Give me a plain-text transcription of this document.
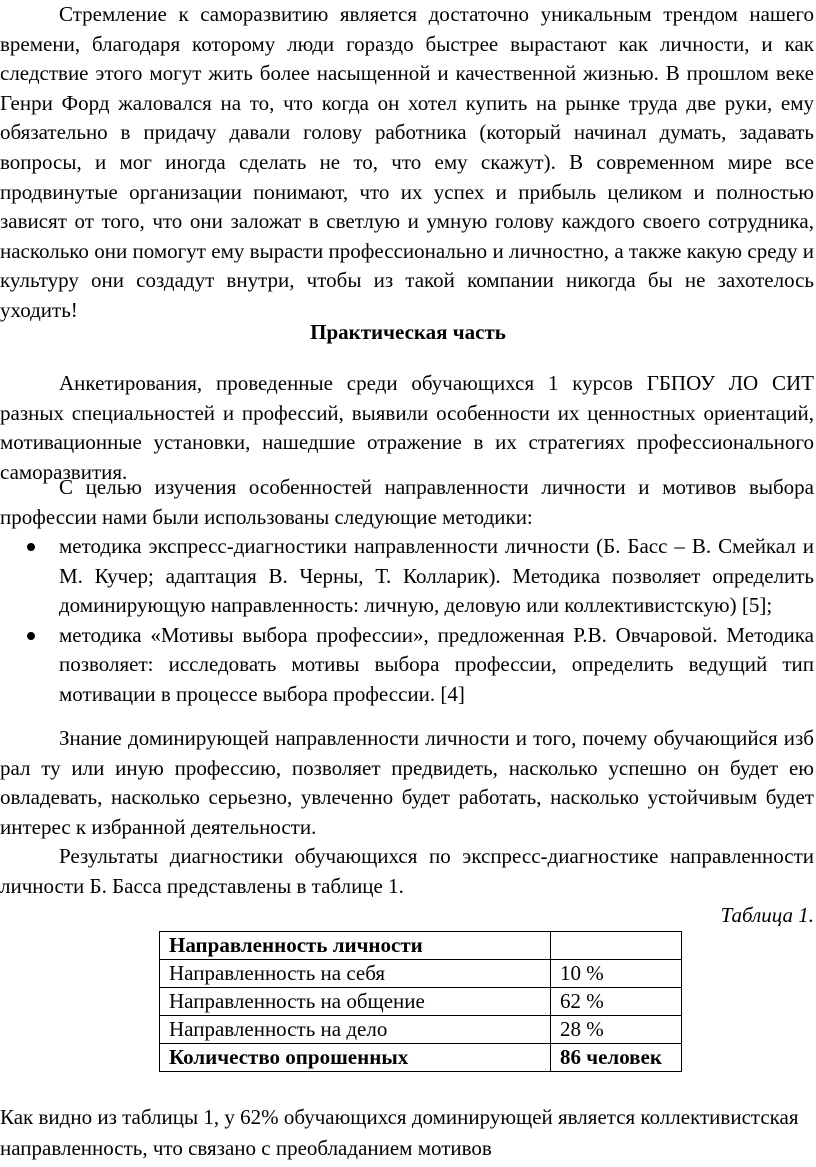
Стремление к саморазвитию является достаточно уникальным трендом нашего времени, благодаря которому люди гораздо быстрее вырастают как личности, и как следствие этого могут жить более насыщенной и качественной жизнью. В прошлом веке Генри Форд жаловался на то, что когда он хотел купить на рынке труда две руки, ему обязательно в придачу давали голову работника (который начинал думать, задавать вопросы, и мог иногда сделать не то, что ему скажут). В современном мире все продвинутые организации понимают, что их успех и прибыль целиком и полностью зависят от того, что они заложат в светлую и умную голову каждого своего сотрудника, насколько они помогут ему вырасти профессионально и личностно, а также какую среду и культуру они создадут внутри, чтобы из такой компании никогда бы не захотелось уходить!

Практическая часть

Анкетирования, проведенные среди обучающихся 1 курсов ГБПОУ ЛО СИТ разных специальностей и профессий, выявили особенности их ценностных ориентаций, мотивационные установки, нашедшие отражение в их стратегиях профессионального саморазвития.

С целью изучения особенностей направленности личности и мотивов выбора профессии нами были использованы следующие методики:

методика экспресс-диагностики направленности личности (Б. Басс – В. Смейкал и М. Кучер; адаптация В. Черны, Т. Колларик). Методика позволяет определить доминирующую направленность: личную, деловую или коллективистскую) [5];
методика «Мотивы выбора профессии», предложенная Р.В. Овчаровой. Методика позволяет: исследовать мотивы выбора профессии, определить ведущий тип мотивации в процессе выбора профессии. [4]

Знание доминирующей направленности личности и того, почему обучающийся изб рал ту или иную профессию, позволяет предвидеть, насколько успешно он будет ею овладевать, насколько серьезно, увлеченно будет работать, насколько устойчивым будет интерес к избранной деятельности.

Результаты диагностики обучающихся по экспресс-диагностике направленности личности Б. Басса представлены в таблице 1.

Таблица 1.
Направленность личности	
Направленность на себя	10 %
Направленность на общение	62 %
Направленность на дело	28 %
Количество опрошенных	86 человек

Как видно из таблицы 1, у 62% обучающихся доминирующей является коллективистская направленность, что связано с преобладанием мотивов
